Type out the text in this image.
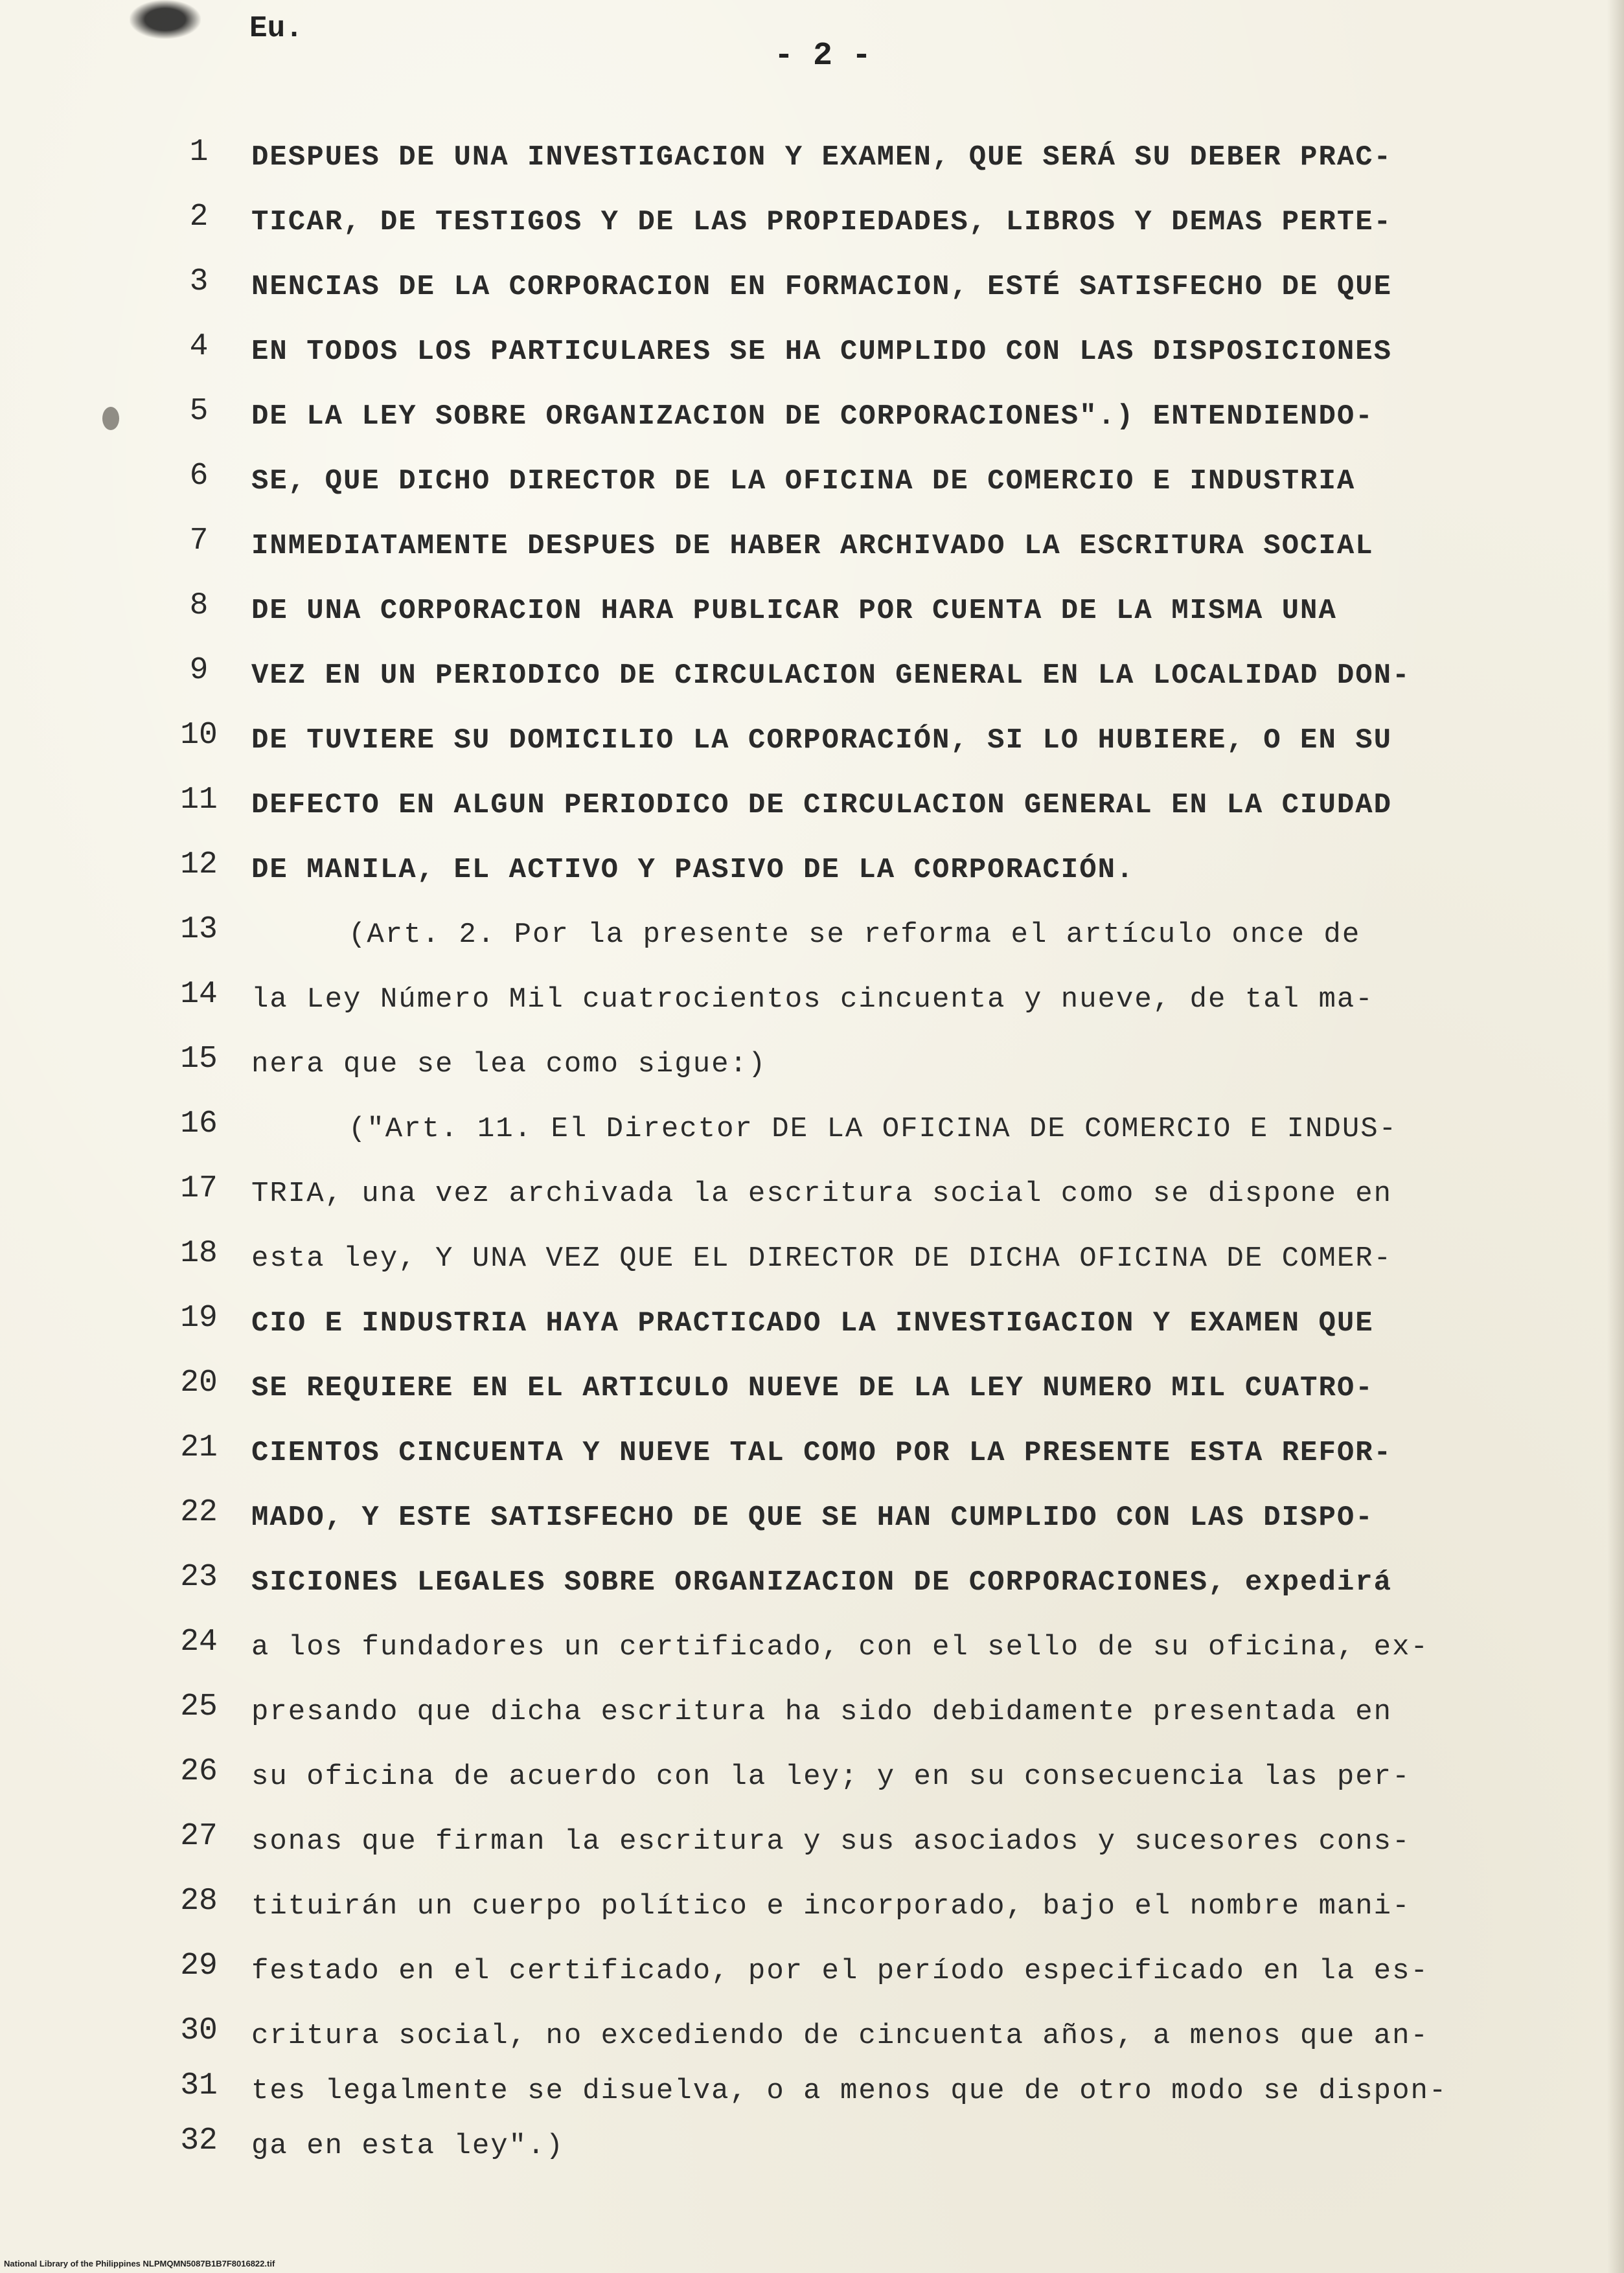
Eu.
- 2 -
1
2
3
4
5
6
7
8
9
10
11
12
13
14
15
16
17
18
19
20
21
22
23
24
25
26
27
28
29
30
31
32
DESPUES DE UNA INVESTIGACION Y EXAMEN, QUE SERÁ SU DEBER PRAC-
TICAR, DE TESTIGOS Y DE LAS PROPIEDADES, LIBROS Y DEMAS PERTE-
NENCIAS DE LA CORPORACION EN FORMACION, ESTÉ SATISFECHO DE QUE
EN TODOS LOS PARTICULARES SE HA CUMPLIDO CON LAS DISPOSICIONES
DE LA LEY SOBRE ORGANIZACION DE CORPORACIONES".) ENTENDIENDO-
SE, QUE DICHO DIRECTOR DE LA OFICINA DE COMERCIO E INDUSTRIA
INMEDIATAMENTE DESPUES DE HABER ARCHIVADO LA ESCRITURA SOCIAL
DE UNA CORPORACION HARA PUBLICAR POR CUENTA DE LA MISMA UNA
VEZ EN UN PERIODICO DE CIRCULACION GENERAL EN LA LOCALIDAD DON-
DE TUVIERE SU DOMICILIO LA CORPORACIÓN, SI LO HUBIERE, O EN SU
DEFECTO EN ALGUN PERIODICO DE CIRCULACION GENERAL EN LA CIUDAD
DE MANILA, EL ACTIVO Y PASIVO DE LA CORPORACIÓN.
(Art. 2. Por la presente se reforma el artículo once de
la Ley Número Mil cuatrocientos cincuenta y nueve, de tal ma-
nera que se lea como sigue:)
("Art. 11. El Director DE LA OFICINA DE COMERCIO E INDUS-
TRIA, una vez archivada la escritura social como se dispone en
esta ley, Y UNA VEZ QUE EL DIRECTOR DE DICHA OFICINA DE COMER-
CIO E INDUSTRIA HAYA PRACTICADO LA INVESTIGACION Y EXAMEN QUE
SE REQUIERE EN EL ARTICULO NUEVE DE LA LEY NUMERO MIL CUATRO-
CIENTOS CINCUENTA Y NUEVE TAL COMO POR LA PRESENTE ESTA REFOR-
MADO, Y ESTE SATISFECHO DE QUE SE HAN CUMPLIDO CON LAS DISPO-
SICIONES LEGALES SOBRE ORGANIZACION DE CORPORACIONES, expedirá
a los fundadores un certificado, con el sello de su oficina, ex-
presando que dicha escritura ha sido debidamente presentada en
su oficina de acuerdo con la ley; y en su consecuencia las per-
sonas que firman la escritura y sus asociados y sucesores cons-
tituirán un cuerpo político e incorporado, bajo el nombre mani-
festado en el certificado, por el período especificado en la es-
critura social, no excediendo de cincuenta años, a menos que an-
tes legalmente se disuelva, o a menos que de otro modo se dispon-
ga en esta ley".)
National Library of the Philippines NLPMQMN5087B1B7F8016822.tif
